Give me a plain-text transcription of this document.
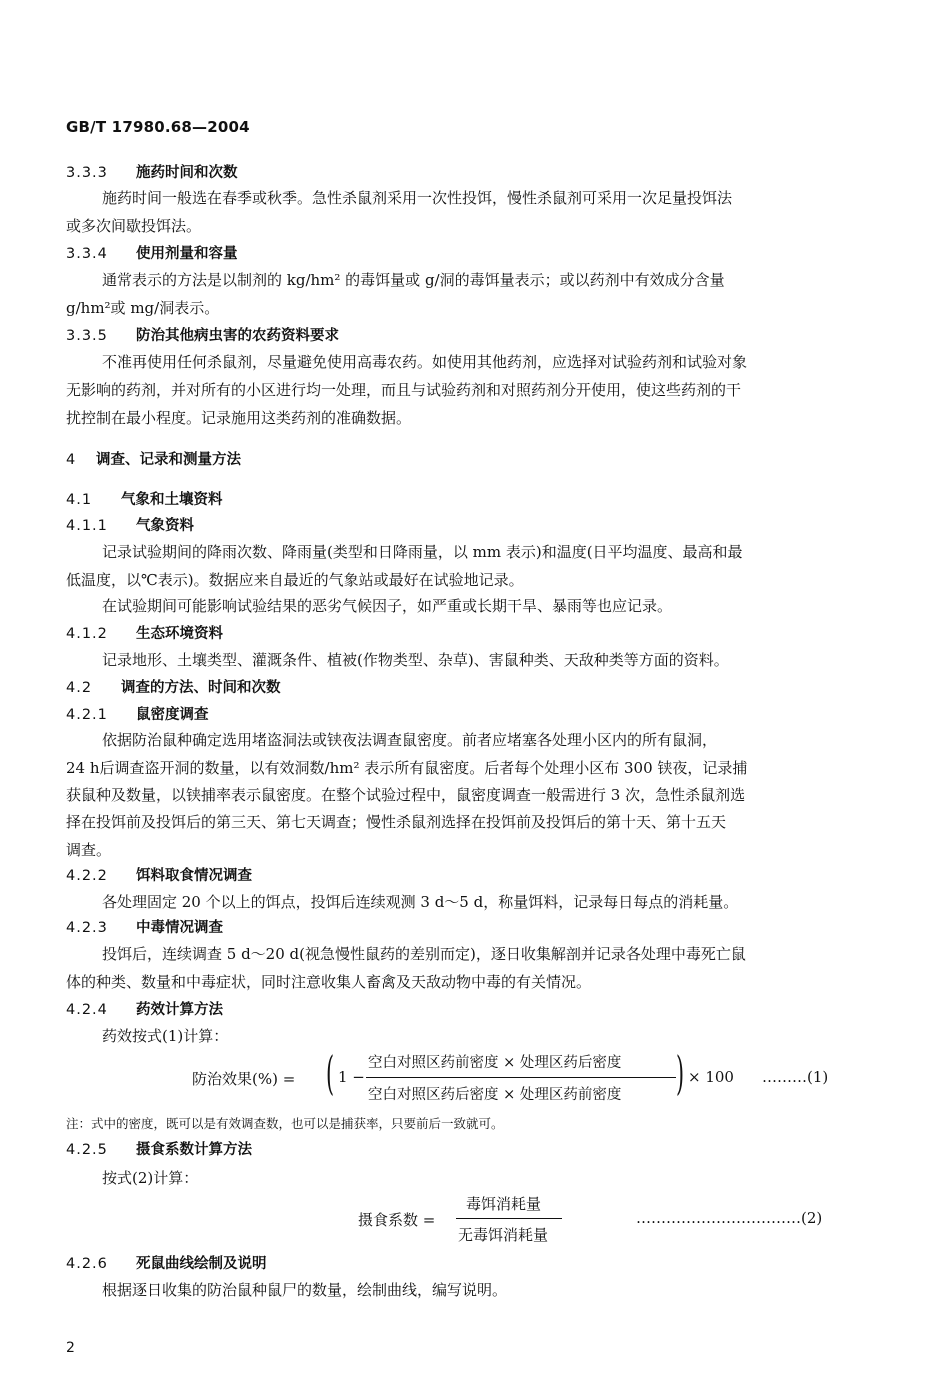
GB/T 17980.68—2004
3.3.3 施药时间和次数
施药时间一般选在春季或秋季。急性杀鼠剂采用一次性投饵，慢性杀鼠剂可采用一次足量投饵法
或多次间歇投饵法。
3.3.4 使用剂量和容量
通常表示的方法是以制剂的 kg/hm² 的毒饵量或 g/洞的毒饵量表示；或以药剂中有效成分含量
g/hm²或 mg/洞表示。
3.3.5 防治其他病虫害的农药资料要求
不准再使用任何杀鼠剂，尽量避免使用高毒农药。如使用其他药剂，应选择对试验药剂和试验对象
无影响的药剂，并对所有的小区进行均一处理，而且与试验药剂和对照药剂分开使用，使这些药剂的干
扰控制在最小程度。记录施用这类药剂的准确数据。
4 调查、记录和测量方法
4.1 气象和土壤资料
4.1.1 气象资料
记录试验期间的降雨次数、降雨量(类型和日降雨量，以 mm 表示)和温度(日平均温度、最高和最
低温度，以℃表示)。数据应来自最近的气象站或最好在试验地记录。
在试验期间可能影响试验结果的恶劣气候因子，如严重或长期干旱、暴雨等也应记录。
4.1.2 生态环境资料
记录地形、土壤类型、灌溉条件、植被(作物类型、杂草)、害鼠种类、天敌种类等方面的资料。
4.2 调查的方法、时间和次数
4.2.1 鼠密度调查
依据防治鼠种确定选用堵盗洞法或铗夜法调查鼠密度。前者应堵塞各处理小区内的所有鼠洞，
24 h后调查盗开洞的数量，以有效洞数/hm² 表示所有鼠密度。后者每个处理小区布 300 铗夜，记录捕
获鼠种及数量，以铗捕率表示鼠密度。在整个试验过程中，鼠密度调查一般需进行 3 次，急性杀鼠剂选
择在投饵前及投饵后的第三天、第七天调查；慢性杀鼠剂选择在投饵前及投饵后的第十天、第十五天
调查。
4.2.2 饵料取食情况调查
各处理固定 20 个以上的饵点，投饵后连续观测 3 d～5 d，称量饵料，记录每日每点的消耗量。
4.2.3 中毒情况调查
投饵后，连续调查 5 d～20 d(视急慢性鼠药的差别而定)，逐日收集解剖并记录各处理中毒死亡鼠
体的种类、数量和中毒症状，同时注意收集人畜禽及天敌动物中毒的有关情况。
4.2.4 药效计算方法
药效按式(1)计算：
防治效果(%) = ( 1 −
空白对照区药前密度 × 处理区药后密度
空白对照区药后密度 × 处理区药前密度 ) × 100 ………(1)
注：式中的密度，既可以是有效调查数，也可以是捕获率，只要前后一致就可。
4.2.5 摄食系数计算方法
按式(2)计算：
摄食系数 =
毒饵消耗量
无毒饵消耗量
……………………………(2)
4.2.6 死鼠曲线绘制及说明
根据逐日收集的防治鼠种鼠尸的数量，绘制曲线，编写说明。
2
